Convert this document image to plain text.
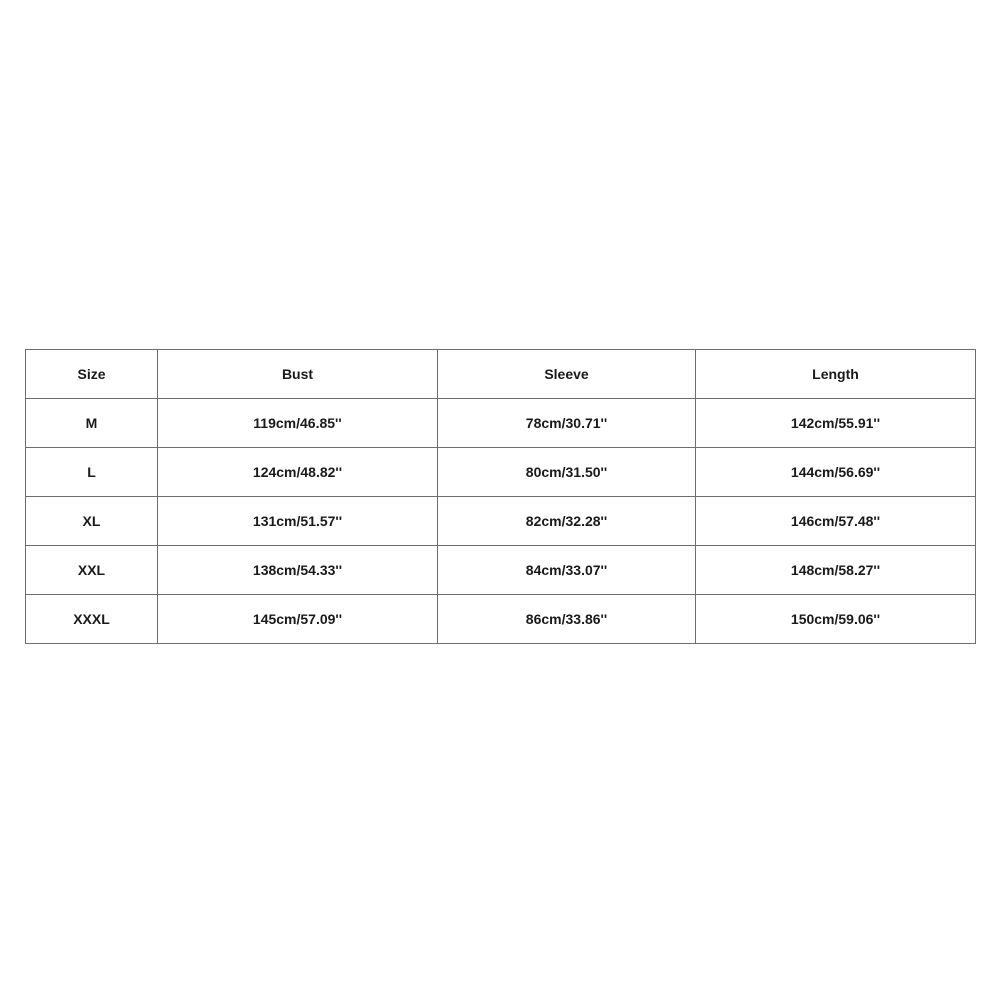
Size	Bust	Sleeve	Length
M	119cm/46.85''	78cm/30.71''	142cm/55.91''
L	124cm/48.82''	80cm/31.50''	144cm/56.69''
XL	131cm/51.57''	82cm/32.28''	146cm/57.48''
XXL	138cm/54.33''	84cm/33.07''	148cm/58.27''
XXXL	145cm/57.09''	86cm/33.86''	150cm/59.06''
